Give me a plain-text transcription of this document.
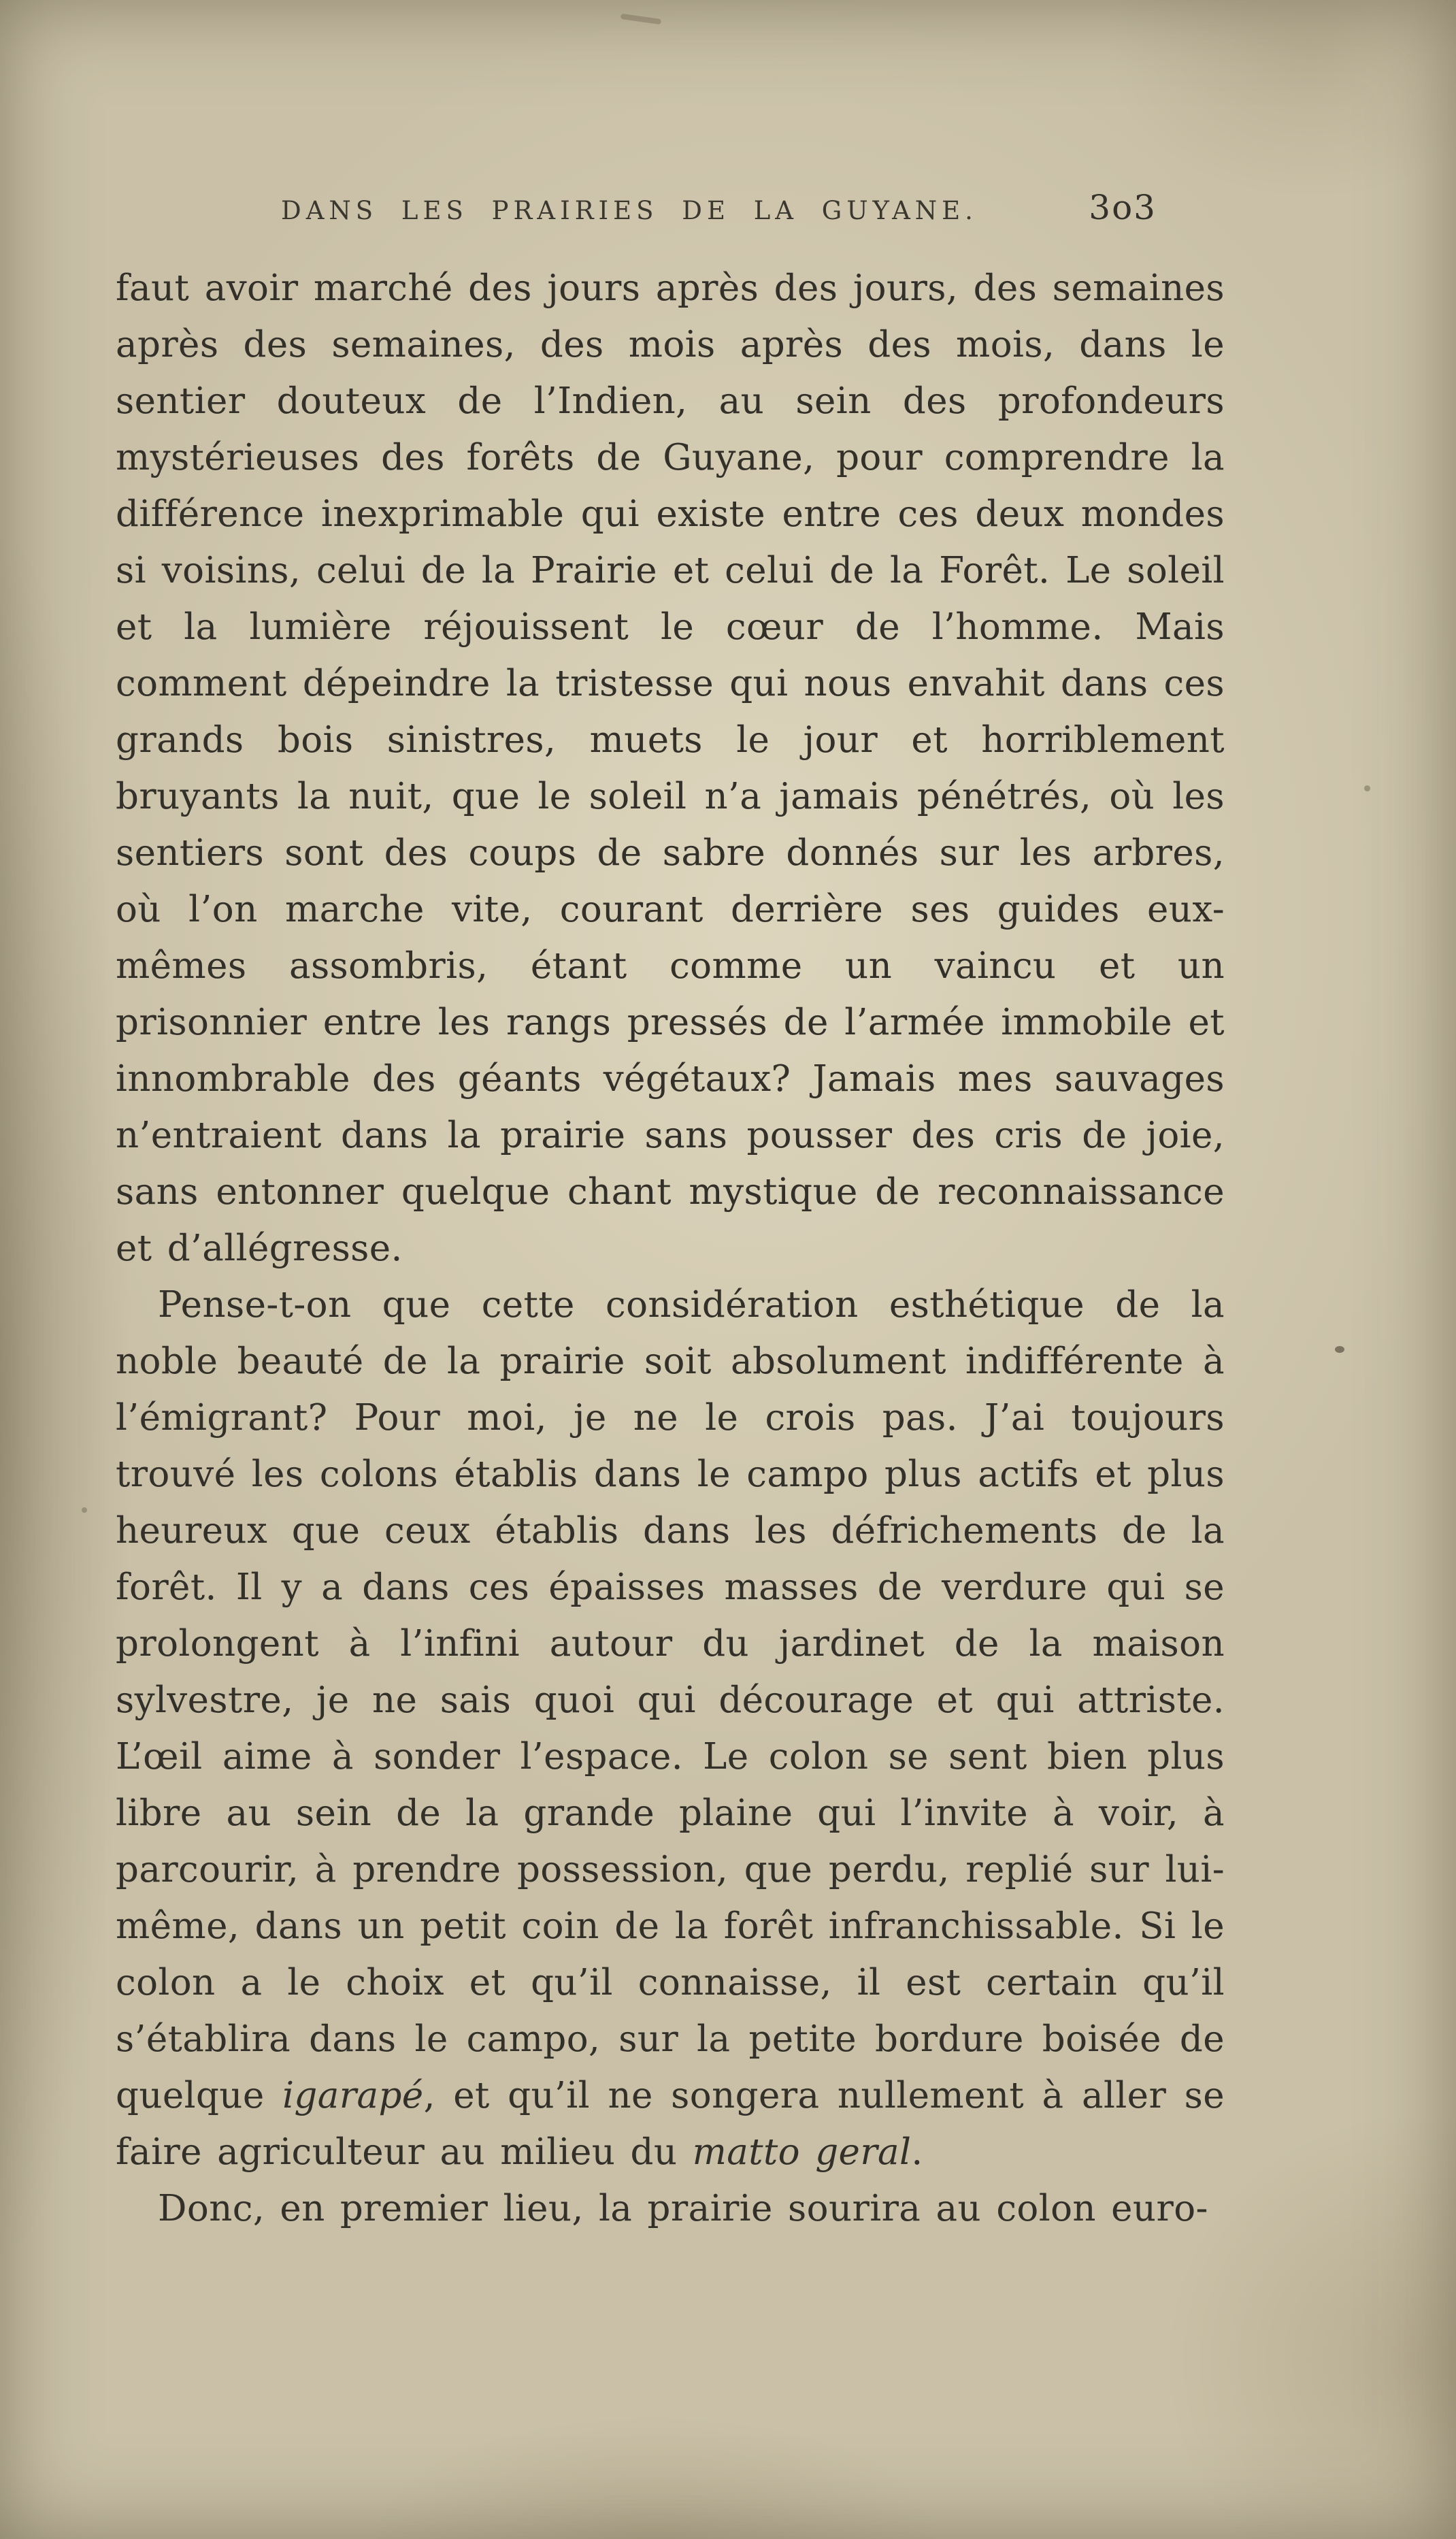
DANS LES PRAIRIES DE LA GUYANE.	3o3

faut avoir marché des jours après des jours, des semaines après des semaines, des mois après des mois, dans le sentier douteux de l’Indien, au sein des profondeurs mystérieuses des forêts de Guyane, pour comprendre la différence inexprimable qui existe entre ces deux mondes si voisins, celui de la Prairie et celui de la Forêt. Le soleil et la lumière réjouissent le cœur de l’homme. Mais comment dépeindre la tristesse qui nous envahit dans ces grands bois sinistres, muets le jour et horriblement bruyants la nuit, que le soleil n’a jamais pénétrés, où les sentiers sont des coups de sabre donnés sur les arbres, où l’on marche vite, courant derrière ses guides eux-mêmes assombris, étant comme un vaincu et un prisonnier entre les rangs pressés de l’armée immobile et innombrable des géants végétaux? Jamais mes sauvages n’entraient dans la prairie sans pousser des cris de joie, sans entonner quelque chant mystique de reconnaissance et d’allégresse.

Pense-t-on que cette considération esthétique de la noble beauté de la prairie soit absolument indifférente à l’émigrant? Pour moi, je ne le crois pas. J’ai toujours trouvé les colons établis dans le campo plus actifs et plus heureux que ceux établis dans les défrichements de la forêt. Il y a dans ces épaisses masses de verdure qui se prolongent à l’infini autour du jardinet de la maison sylvestre, je ne sais quoi qui décourage et qui attriste. L’œil aime à sonder l’espace. Le colon se sent bien plus libre au sein de la grande plaine qui l’invite à voir, à parcourir, à prendre possession, que perdu, replié sur lui-même, dans un petit coin de la forêt infranchissable. Si le colon a le choix et qu’il connaisse, il est certain qu’il s’établira dans le campo, sur la petite bordure boisée de quelque igarapé, et qu’il ne songera nullement à aller se faire agriculteur au milieu du matto geral.

Donc, en premier lieu, la prairie sourira au colon euro-
